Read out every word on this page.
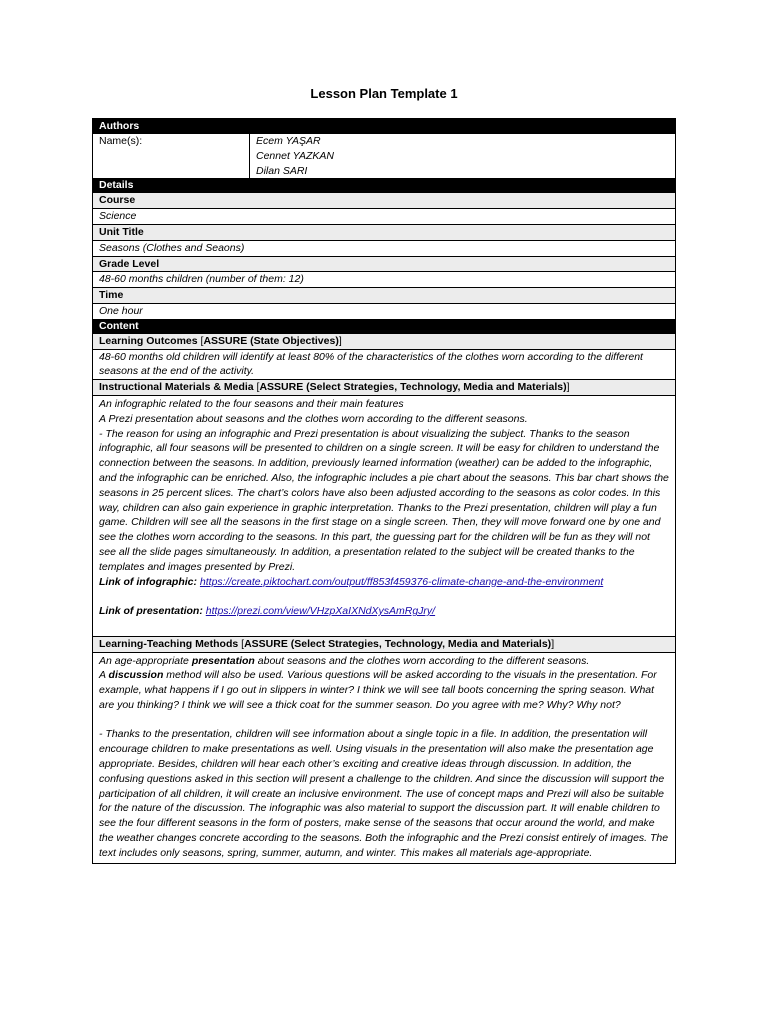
Lesson Plan Template 1
Authors
Name(s):	Ecem YAŞAR
Cennet YAZKAN
Dilan SARI
Details
Course
Science
Unit Title
Seasons (Clothes and Seaons)
Grade Level
48-60 months children (number of them: 12)
Time
One hour
Content
Learning Outcomes [ASSURE (State Objectives)]
48-60 months old children will identify at least 80% of the characteristics of the clothes worn according to the different seasons at the end of the activity.
Instructional Materials & Media [ASSURE (Select Strategies, Technology, Media and Materials)]

An infographic related to the four seasons and their main features

A Prezi presentation about seasons and the clothes worn according to the different seasons.

- The reason for using an infographic and Prezi presentation is about visualizing the subject. Thanks to the season infographic, all four seasons will be presented to children on a single screen. It will be easy for children to understand the connection between the seasons. In addition, previously learned information (weather) can be added to the infographic, and the infographic can be enriched. Also, the infographic includes a pie chart about the seasons. This bar chart shows the seasons in 25 percent slices. The chart’s colors have also been adjusted according to the seasons as color codes. In this way, children can also gain experience in graphic interpretation. Thanks to the Prezi presentation, children will play a fun game. Children will see all the seasons in the first stage on a single screen. Then, they will move forward one by one and see the clothes worn according to the seasons. In this part, the guessing part for the children will be fun as they will not see all the slide pages simultaneously. In addition, a presentation related to the subject will be created thanks to the templates and images presented by Prezi.

Link of infographic: https://create.piktochart.com/output/ff853f459376-climate-change-and-the-environment

Link of presentation: https://prezi.com/view/VHzpXaIXNdXysAmRgJry/

Learning-Teaching Methods [ASSURE (Select Strategies, Technology, Media and Materials)]

An age-appropriate presentation about seasons and the clothes worn according to the different seasons.

A discussion method will also be used. Various questions will be asked according to the visuals in the presentation. For example, what happens if I go out in slippers in winter? I think we will see tall boots concerning the spring season. What are you thinking? I think we will see a thick coat for the summer season. Do you agree with me? Why? Why not?

- Thanks to the presentation, children will see information about a single topic in a file. In addition, the presentation will encourage children to make presentations as well. Using visuals in the presentation will also make the presentation age appropriate. Besides, children will hear each other’s exciting and creative ideas through discussion. In addition, the confusing questions asked in this section will present a challenge to the children. And since the discussion will support the participation of all children, it will create an inclusive environment. The use of concept maps and Prezi will also be suitable for the nature of the discussion. The infographic was also material to support the discussion part. It will enable children to see the four different seasons in the form of posters, make sense of the seasons that occur around the world, and make the weather changes concrete according to the seasons. Both the infographic and the Prezi consist entirely of images. The text includes only seasons, spring, summer, autumn, and winter. This makes all materials age-appropriate.
